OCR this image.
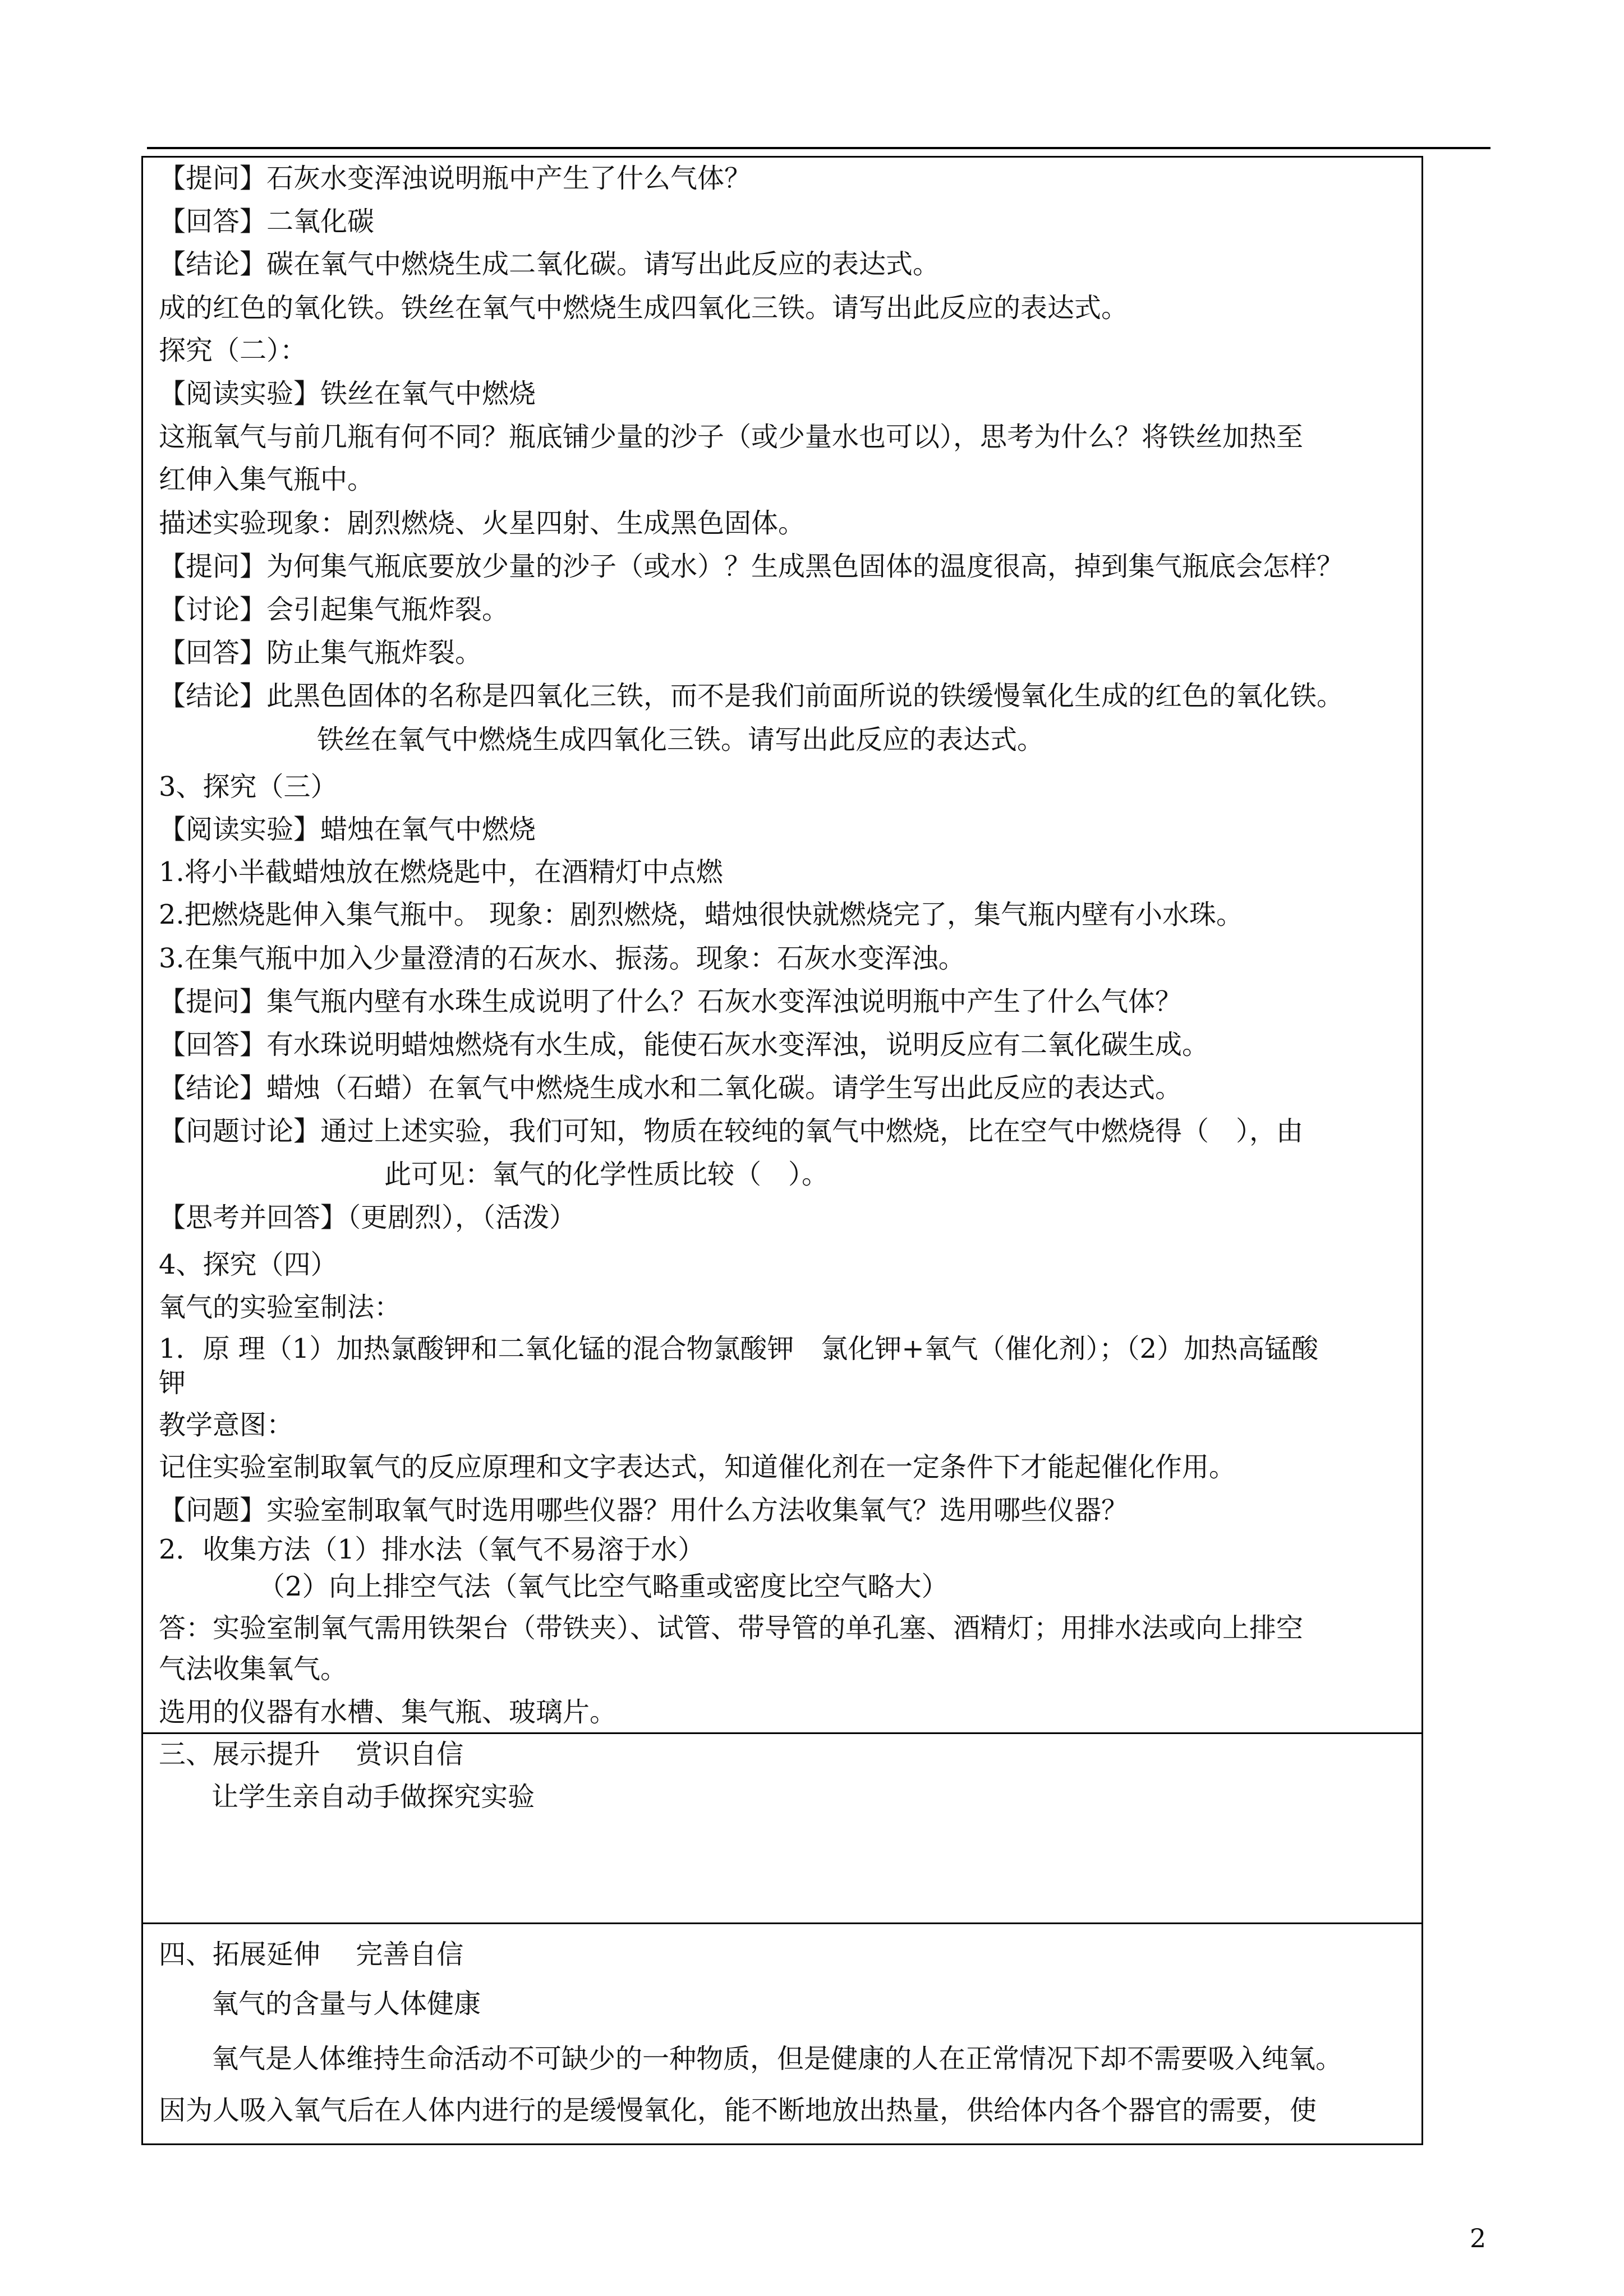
【提问】石灰水变浑浊说明瓶中产生了什么气体？
【回答】二氧化碳
【结论】碳在氧气中燃烧生成二氧化碳。请写出此反应的表达式。
成的红色的氧化铁。铁丝在氧气中燃烧生成四氧化三铁。请写出此反应的表达式。
探究（二）：
【阅读实验】铁丝在氧气中燃烧
这瓶氧气与前几瓶有何不同？瓶底铺少量的沙子（或少量水也可以），思考为什么？将铁丝加热至
红伸入集气瓶中。
描述实验现象：剧烈燃烧、火星四射、生成黑色固体。
【提问】为何集气瓶底要放少量的沙子（或水）？生成黑色固体的温度很高，掉到集气瓶底会怎样？
【讨论】会引起集气瓶炸裂。
【回答】防止集气瓶炸裂。
【结论】此黑色固体的名称是四氧化三铁，而不是我们前面所说的铁缓慢氧化生成的红色的氧化铁。
铁丝在氧气中燃烧生成四氧化三铁。请写出此反应的表达式。
3、探究（三）
【阅读实验】蜡烛在氧气中燃烧
1.将小半截蜡烛放在燃烧匙中，在酒精灯中点燃
2.把燃烧匙伸入集气瓶中。 现象：剧烈燃烧，蜡烛很快就燃烧完了，集气瓶内壁有小水珠。
3.在集气瓶中加入少量澄清的石灰水、振荡。现象：石灰水变浑浊。
【提问】集气瓶内壁有水珠生成说明了什么？石灰水变浑浊说明瓶中产生了什么气体？
【回答】有水珠说明蜡烛燃烧有水生成，能使石灰水变浑浊，说明反应有二氧化碳生成。
【结论】蜡烛（石蜡）在氧气中燃烧生成水和二氧化碳。请学生写出此反应的表达式。
【问题讨论】通过上述实验，我们可知，物质在较纯的氧气中燃烧，比在空气中燃烧得（　），由
此可见：氧气的化学性质比较（　）。
【思考并回答】（更剧烈），（活泼）
4、探究（四）
氧气的实验室制法：
1．原 理（1）加热氯酸钾和二氧化锰的混合物氯酸钾　氯化钾+氧气（催化剂）；（2）加热高锰酸
钾
教学意图：
记住实验室制取氧气的反应原理和文字表达式，知道催化剂在一定条件下才能起催化作用。
【问题】实验室制取氧气时选用哪些仪器？用什么方法收集氧气？选用哪些仪器？
2．收集方法（1）排水法（氧气不易溶于水）
（2）向上排空气法（氧气比空气略重或密度比空气略大）
答：实验室制氧气需用铁架台（带铁夹）、试管、带导管的单孔塞、酒精灯；用排水法或向上排空
气法收集氧气。
选用的仪器有水槽、集气瓶、玻璃片。
三、展示提升　 赏识自信
让学生亲自动手做探究实验
四、拓展延伸　 完善自信
氧气的含量与人体健康
氧气是人体维持生命活动不可缺少的一种物质，但是健康的人在正常情况下却不需要吸入纯氧。
因为人吸入氧气后在人体内进行的是缓慢氧化，能不断地放出热量，供给体内各个器官的需要，使
2
